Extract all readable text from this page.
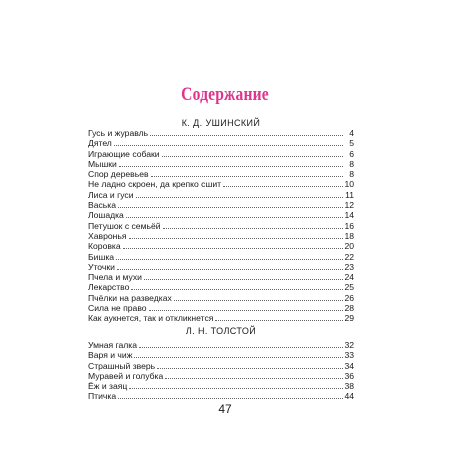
Содержание
К. Д. УШИНСКИЙ
Гусь и журавль	4
Дятел	5
Играющие собаки	6
Мышки	8
Спор деревьев	8
Не ладно скроен, да крепко сшит	10
Лиса и гуси	11
Васька	12
Лошадка	14
Петушок с семьёй	16
Хавронья	18
Коровка	20
Бишка	22
Уточки	23
Пчела и мухи	24
Лекарство	25
Пчёлки на разведках	26
Сила не право	28
Как аукнется, так и откликнется	29
Л. Н. ТОЛСТОЙ
Умная галка	32
Варя и чиж	33
Страшный зверь	34
Муравей и голубка	36
Ёж и заяц	38
Птичка	44
47
